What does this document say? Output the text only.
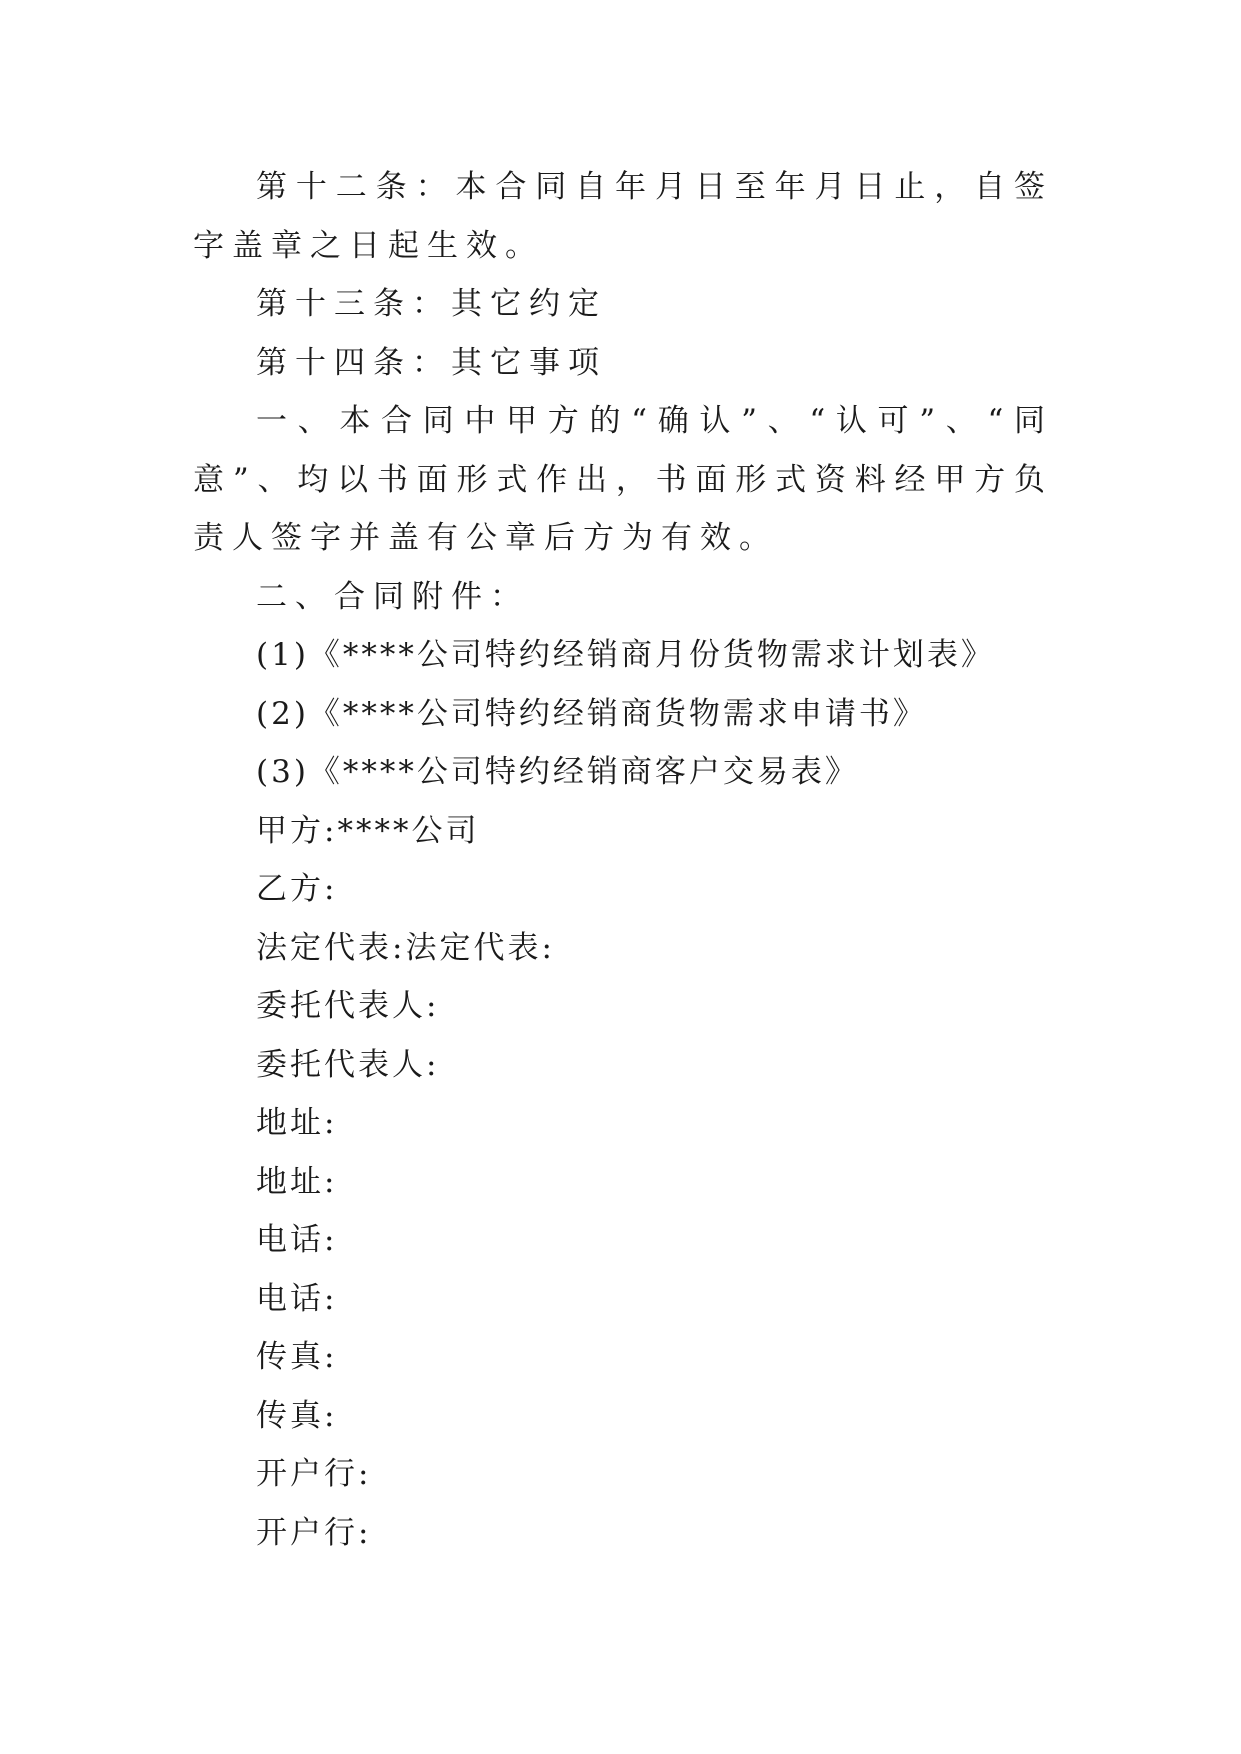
第十二条：本合同自年月日至年月日止，自签字盖章之日起生效。

第十三条：其它约定

第十四条：其它事项

一、本合同中甲方的“确认”、“认可”、“同意”、均以书面形式作出，书面形式资料经甲方负责人签字并盖有公章后方为有效。

二、合同附件：

(1)《****公司特约经销商月份货物需求计划表》

(2)《****公司特约经销商货物需求申请书》

(3)《****公司特约经销商客户交易表》

甲方:****公司

乙方:

法定代表:法定代表:

委托代表人:

委托代表人:

地址:

地址:

电话:

电话:

传真:

传真:

开户行:

开户行:
